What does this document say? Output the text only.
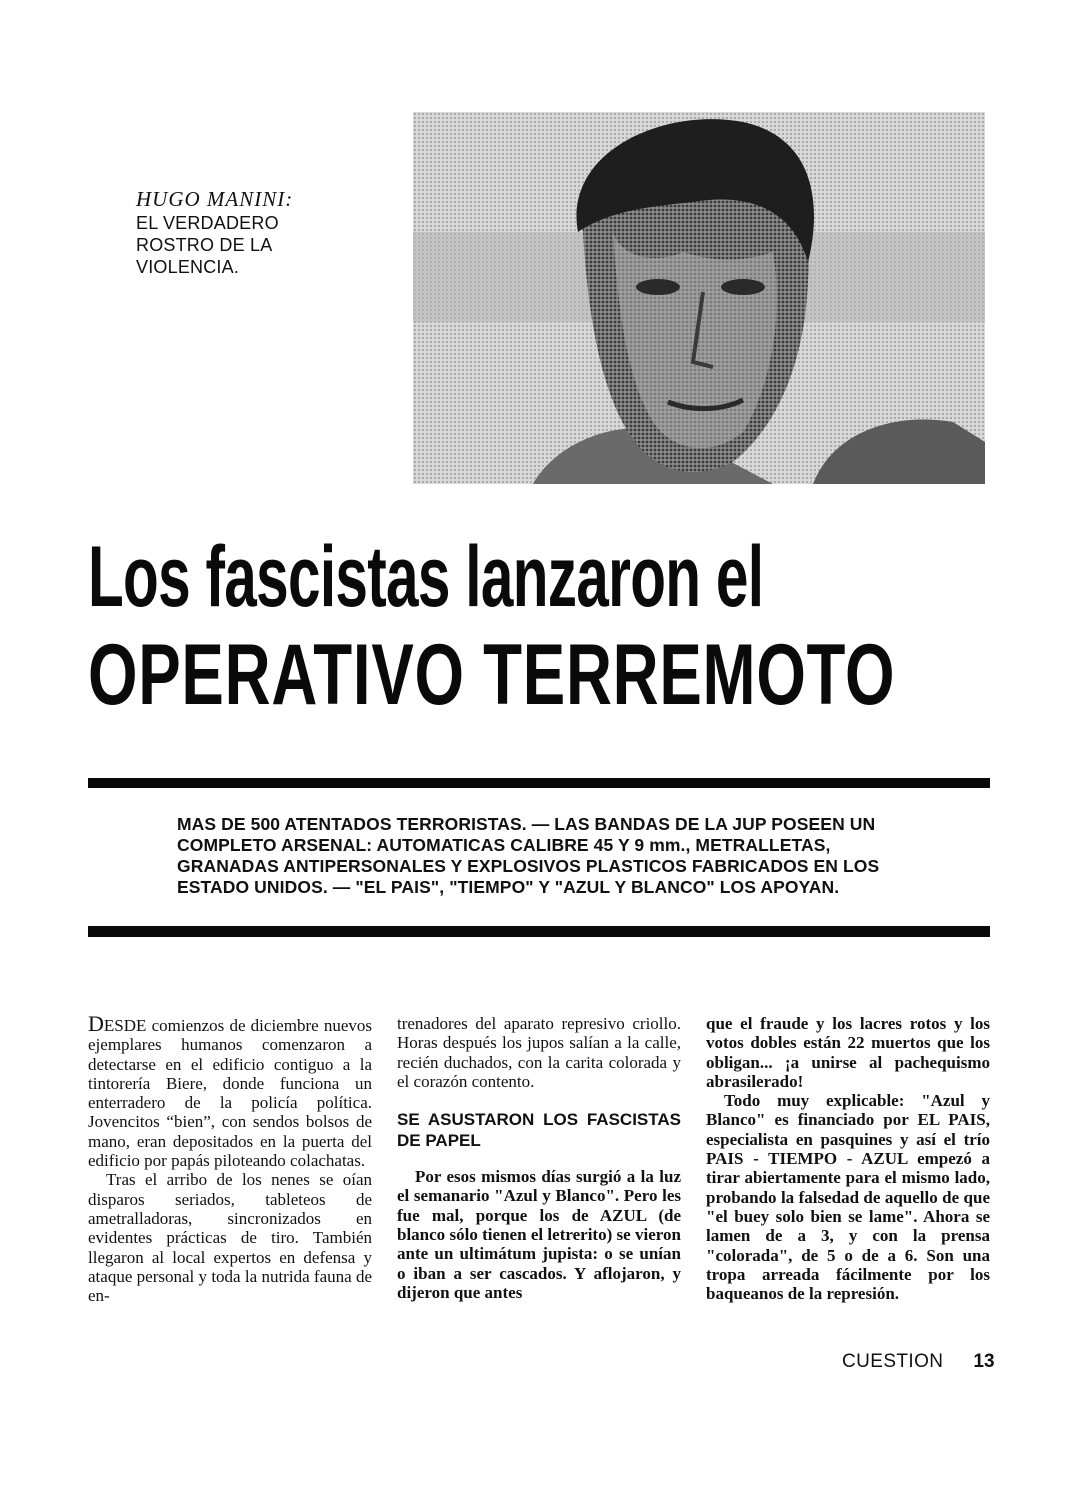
HUGO MANINI:

EL VERDADERO

ROSTRO DE LA

VIOLENCIA.

Los fascistas lanzaron el
OPERATIVO TERREMOTO

MAS DE 500 ATENTADOS TERRORISTAS. — LAS BANDAS DE LA JUP POSEEN UN COMPLETO ARSENAL: AUTOMATICAS CALIBRE 45 Y 9 mm., METRALLETAS, GRANADAS ANTIPERSONALES Y EXPLOSIVOS PLASTICOS FABRICADOS EN LOS ESTADO UNIDOS. — "EL PAIS", "TIEMPO" Y "AZUL Y BLANCO" LOS APOYAN.

DESDE comienzos de diciembre nuevos ejemplares humanos comenzaron a detectarse en el edificio contiguo a la tintorería Biere, donde funciona un enterradero de la policía política. Jovencitos “bien”, con sendos bolsos de mano, eran depositados en la puerta del edificio por papás piloteando colachatas.

Tras el arribo de los nenes se oían disparos seriados, tableteos de ametralladoras, sincronizados en evidentes prácticas de tiro. También llegaron al local expertos en defensa y ataque personal y toda la nutrida fauna de en-

trenadores del aparato represivo criollo. Horas después los jupos salían a la calle, recién duchados, con la carita colorada y el corazón contento.

SE ASUSTARON LOS FASCISTAS DE PAPEL

Por esos mismos días surgió a la luz el semanario "Azul y Blanco". Pero les fue mal, porque los de AZUL (de blanco sólo tienen el letrerito) se vieron ante un ultimátum jupista: o se unían o iban a ser cascados. Y aflojaron, y dijeron que antes

que el fraude y los lacres rotos y los votos dobles están 22 muertos que los obligan... ¡a unirse al pachequismo abrasilerado!

Todo muy explicable: "Azul y Blanco" es financiado por EL PAIS, especialista en pasquines y así el trío PAIS - TIEMPO - AZUL empezó a tirar abiertamente para el mismo lado, probando la falsedad de aquello de que "el buey solo bien se lame". Ahora se lamen de a 3, y con la prensa "colorada", de 5 o de a 6. Son una tropa arreada fácilmente por los baqueanos de la represión.

CUESTION 13
